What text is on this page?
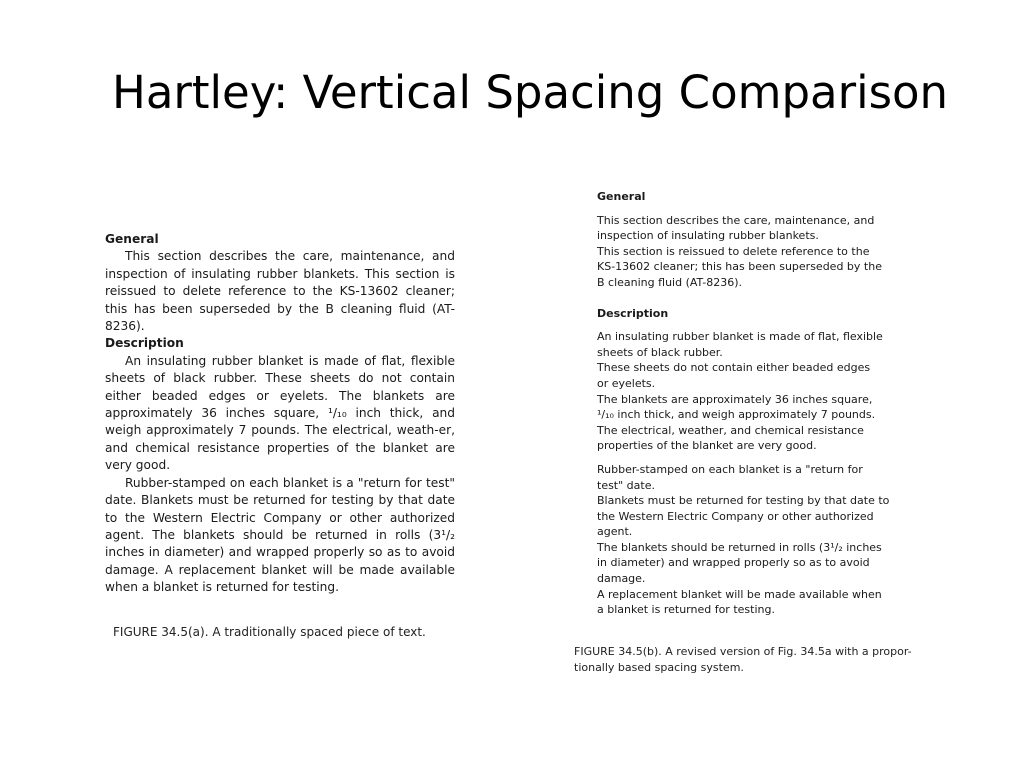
Hartley: Vertical Spacing Comparison
General

This section describes the care, maintenance, and inspection of insulating rubber blankets. This section is reissued to delete reference to the KS-13602 cleaner; this has been superseded by the B cleaning fluid (AT-8236).

Description

An insulating rubber blanket is made of flat, flexible sheets of black rubber. These sheets do not contain either beaded edges or eyelets. The blankets are approximately 36 inches square, ¹/₁₀ inch thick, and weigh approximately 7 pounds. The electrical, weath-er, and chemical resistance properties of the blanket are very good.

Rubber-stamped on each blanket is a "return for test" date. Blankets must be returned for testing by that date to the Western Electric Company or other authorized agent. The blankets should be returned in rolls (3¹/₂ inches in diameter) and wrapped properly so as to avoid damage. A replacement blanket will be made available when a blanket is returned for testing.

FIGURE 34.5(a). A traditionally spaced piece of text.
General
This section describes the care, maintenance, and
inspection of insulating rubber blankets.
This section is reissued to delete reference to the
KS-13602 cleaner; this has been superseded by the
B cleaning fluid (AT-8236).
Description
An insulating rubber blanket is made of flat, flexible
sheets of black rubber.
These sheets do not contain either beaded edges
or eyelets.
The blankets are approximately 36 inches square,
¹/₁₀ inch thick, and weigh approximately 7 pounds.
The electrical, weather, and chemical resistance
properties of the blanket are very good.
Rubber-stamped on each blanket is a "return for
test" date.
Blankets must be returned for testing by that date to
the Western Electric Company or other authorized
agent.
The blankets should be returned in rolls (3¹/₂ inches
in diameter) and wrapped properly so as to avoid
damage.
A replacement blanket will be made available when
a blanket is returned for testing.
FIGURE 34.5(b). A revised version of Fig. 34.5a with a propor-
tionally based spacing system.
